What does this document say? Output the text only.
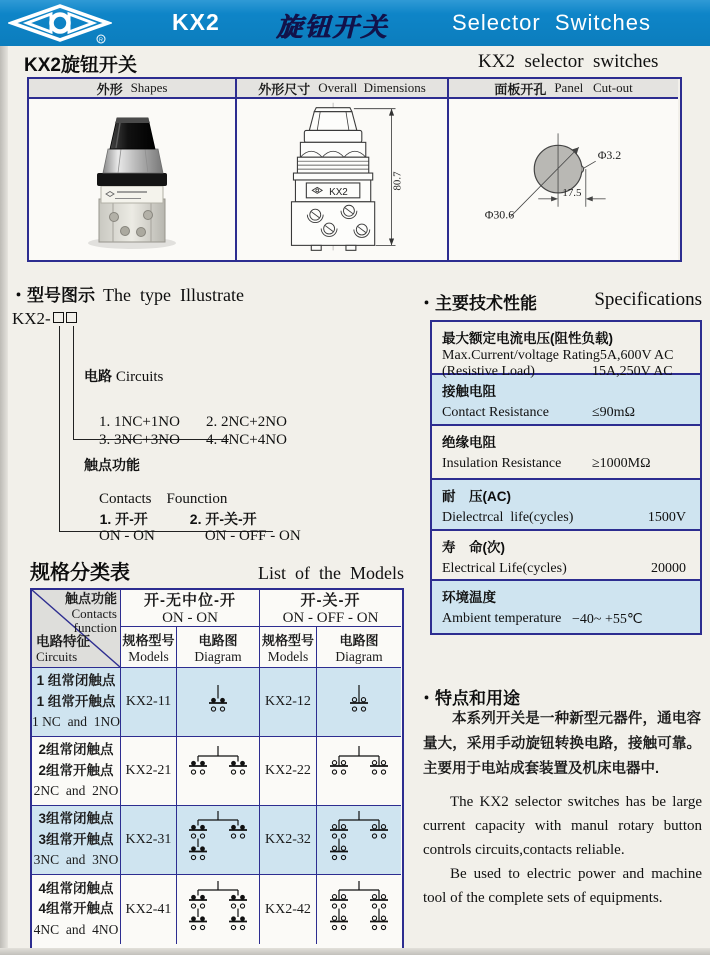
R
KX2 旋钮开关	Selector  Switches
KX2旋钮开关	KX2  selector  switches
外形 Shapes	外形尺寸 Overall  Dimensions	面板开孔 Panel   Cut-out
KX2
80.7
Φ30.6
Φ3.2
17.5
・型号图示 The  type  Illustrate
KX2-
电路 Circuits

1. 1NC+1NO 2. 2NC+2NO

3. 3NC+3NO 4. 4NC+4NO

触点功能

Contacts    Founction

1. 开-开	2. 开-关-开

ON - ON	ON - OFF - ON

・主要技术性能	Specifications
最大额定电流电压(阻性负载)
Max.Current/voltage Rating 5A,600V AC
(Resistive Load)	15A,250V AC
接触电阻
Contact Resistance	≤90mΩ
绝缘电阻
Insulation Resistance	≥1000MΩ
耐　压(AC)
Dielectrcal  life(cycles)	1500V
寿　命(次)
Electrical Life(cycles)	20000
环境温度
Ambient temperature −40~ +55℃
规格分类表	List  of  the  Models
触点功能
Contacts
function
电路特征
Circuits
开-无中位-开
ON - ON
开-关-开
ON - OFF - ON
规格型号
Models
电路图
Diagram
规格型号
Models
电路图
Diagram
1 组常闭触点
1 组常开触点
1 NC  and  1NO
KX2-11	KX2-12
2组常闭触点
2组常开触点
2NC  and  2NO
KX2-21	KX2-22
3组常闭触点
3组常开触点
3NC  and  3NO
KX2-31	KX2-32
4组常闭触点
4组常开触点
4NC  and  4NO
KX2-41	KX2-42
・特点和用途
本系列开关是一种新型元器件，通电容量大，采用手动旋钮转换电路，接触可靠。主要用于电站成套装置及机床电器中.
The KX2 selector switches has be large current capacity with manul rotary button controls circuits,contacts reliable.
Be used to electric power and machine tool of the complete sets of equipments.
